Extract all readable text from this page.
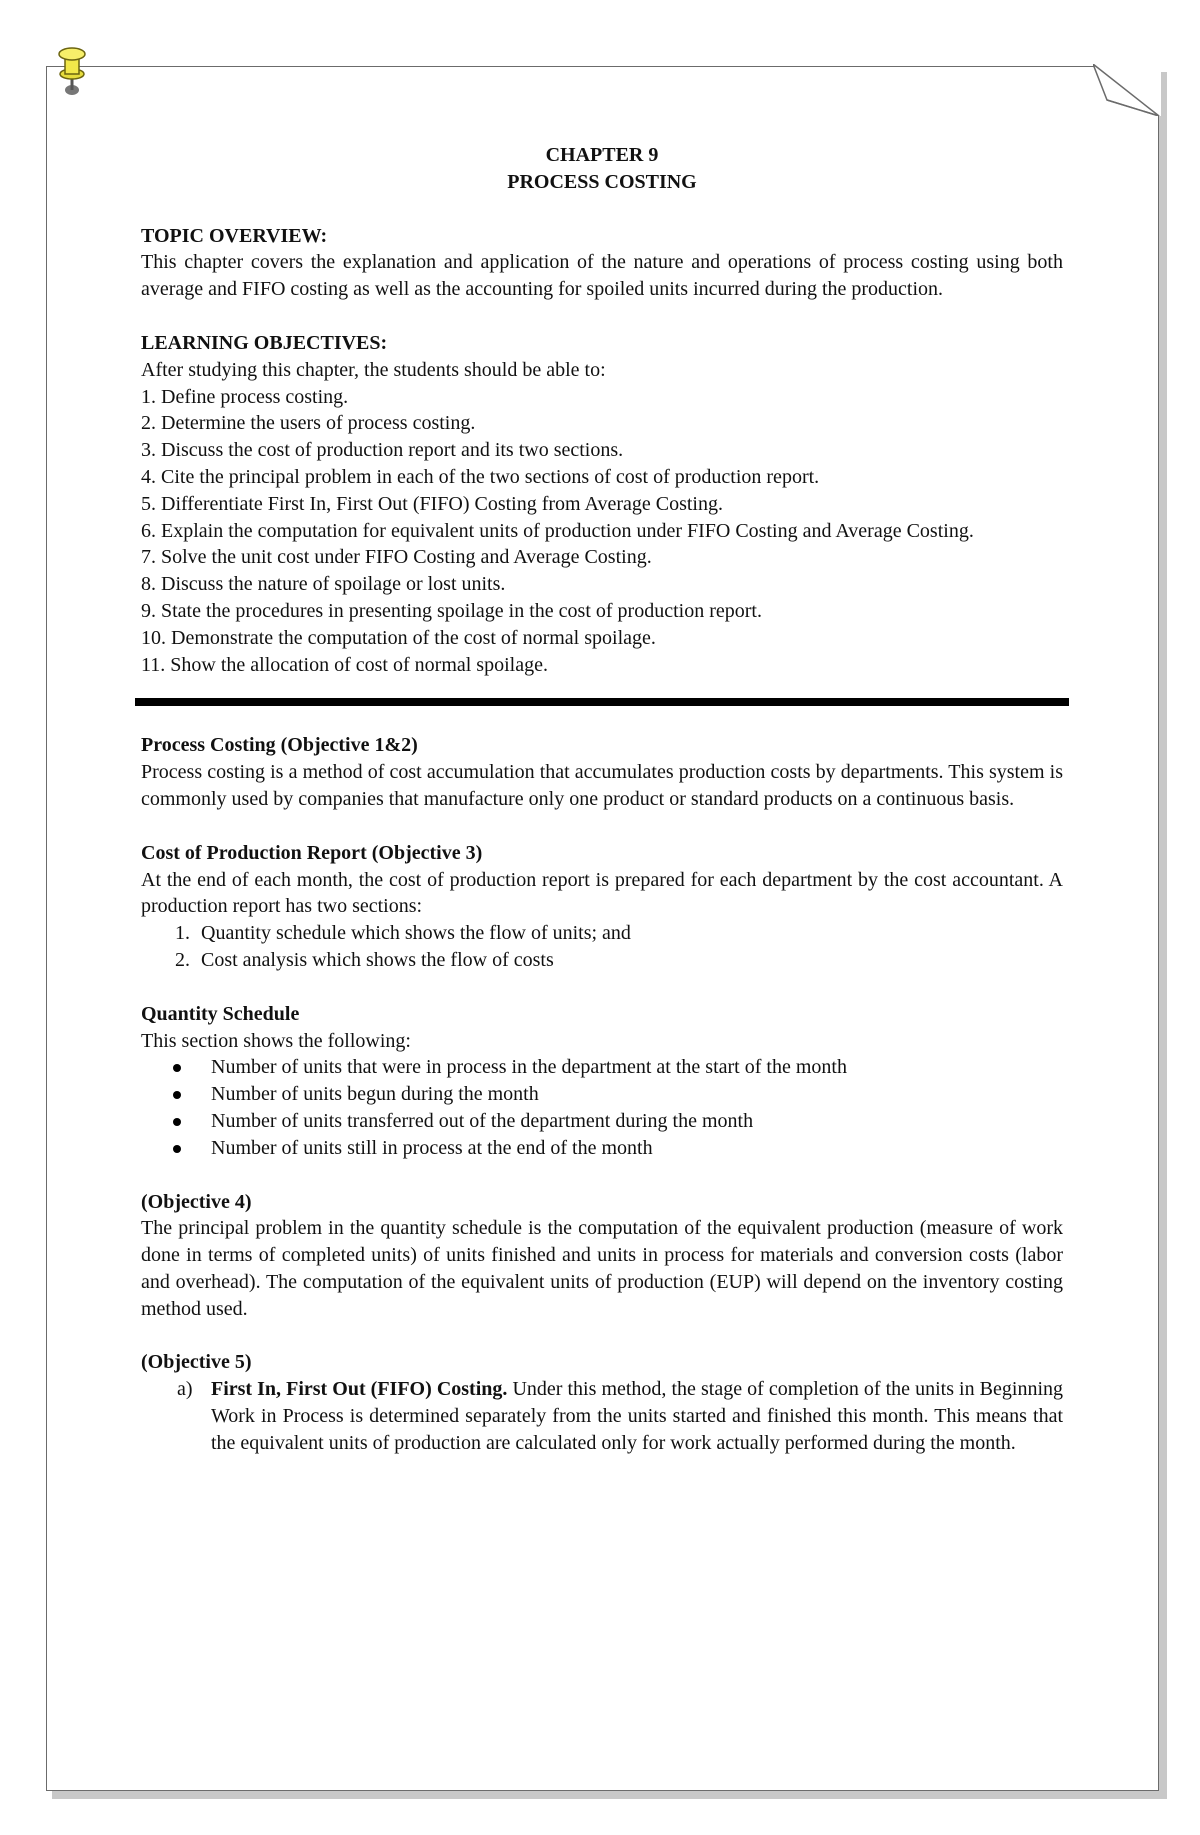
CHAPTER 9
PROCESS COSTING
TOPIC OVERVIEW:
This chapter covers the explanation and application of the nature and operations of process costing using both average and FIFO costing as well as the accounting for spoiled units incurred during the production.
LEARNING OBJECTIVES:
After studying this chapter, the students should be able to:
1. Define process costing.
2. Determine the users of process costing.
3. Discuss the cost of production report and its two sections.
4. Cite the principal problem in each of the two sections of cost of production report.
5. Differentiate First In, First Out (FIFO) Costing from Average Costing.
6. Explain the computation for equivalent units of production under FIFO Costing and Average Costing.
7. Solve the unit cost under FIFO Costing and Average Costing.
8. Discuss the nature of spoilage or lost units.
9. State the procedures in presenting spoilage in the cost of production report.
10. Demonstrate the computation of the cost of normal spoilage.
11. Show the allocation of cost of normal spoilage.
Process Costing (Objective 1&2)
Process costing is a method of cost accumulation that accumulates production costs by departments. This system is commonly used by companies that manufacture only one product or standard products on a continuous basis.
Cost of Production Report (Objective 3)
At the end of each month, the cost of production report is prepared for each department by the cost accountant. A production report has two sections:
1. Quantity schedule which shows the flow of units; and
2. Cost analysis which shows the flow of costs
Quantity Schedule
This section shows the following:
Number of units that were in process in the department at the start of the month
Number of units begun during the month
Number of units transferred out of the department during the month
Number of units still in process at the end of the month
(Objective 4)
The principal problem in the quantity schedule is the computation of the equivalent production (measure of work done in terms of completed units) of units finished and units in process for materials and conversion costs (labor and overhead). The computation of the equivalent units of production (EUP) will depend on the inventory costing method used.
(Objective 5)
a) First In, First Out (FIFO) Costing. Under this method, the stage of completion of the units in Beginning Work in Process is determined separately from the units started and finished this month. This means that the equivalent units of production are calculated only for work actually performed during the month.
